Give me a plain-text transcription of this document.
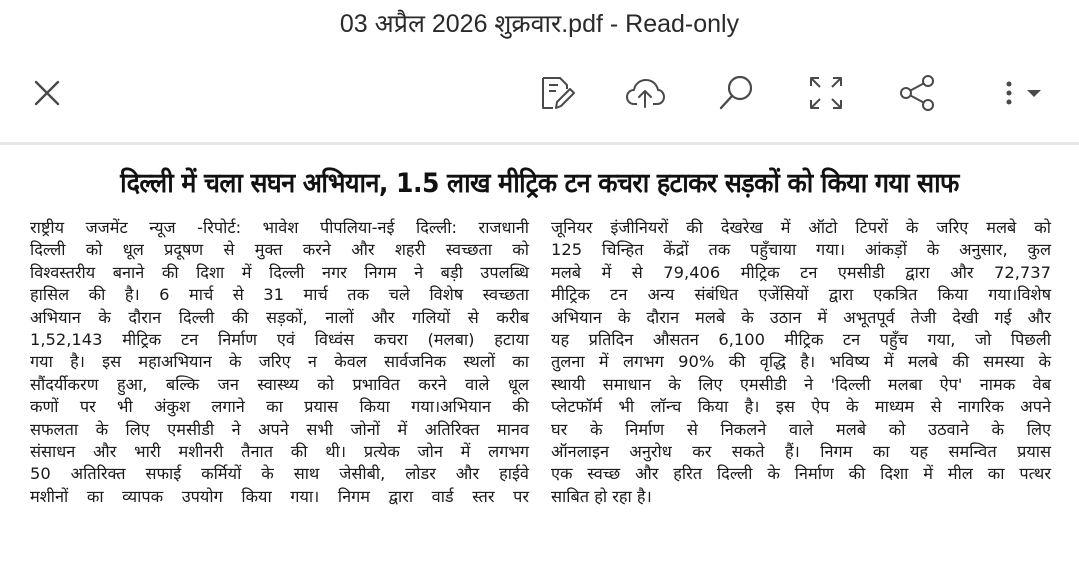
03 अप्रैल 2026 शुक्रवार.pdf - Read-only
दिल्ली में चला सघन अभियान, 1.5 लाख मीट्रिक टन कचरा हटाकर सड़कों को किया गया साफ
राष्ट्रीय जजमेंट न्यूज -रिपोर्ट: भावेश पीपलिया-नई दिल्ली: राजधानी
दिल्ली को धूल प्रदूषण से मुक्त करने और शहरी स्वच्छता को
विश्वस्तरीय बनाने की दिशा में दिल्ली नगर निगम ने बड़ी उपलब्धि
हासिल की है। 6 मार्च से 31 मार्च तक चले विशेष स्वच्छता
अभियान के दौरान दिल्ली की सड़कों, नालों और गलियों से करीब
1,52,143 मीट्रिक टन निर्माण एवं विध्वंस कचरा (मलबा) हटाया
गया है। इस महाअभियान के जरिए न केवल सार्वजनिक स्थलों का
सौंदर्यीकरण हुआ, बल्कि जन स्वास्थ्य को प्रभावित करने वाले धूल
कणों पर भी अंकुश लगाने का प्रयास किया गया।अभियान की
सफलता के लिए एमसीडी ने अपने सभी जोनों में अतिरिक्त मानव
संसाधन और भारी मशीनरी तैनात की थी। प्रत्येक जोन में लगभग
50 अतिरिक्त सफाई कर्मियों के साथ जेसीबी, लोडर और हाईवे
मशीनों का व्यापक उपयोग किया गया। निगम द्वारा वार्ड स्तर पर
जूनियर इंजीनियरों की देखरेख में ऑटो टिपरों के जरिए मलबे को
125 चिन्हित केंद्रों तक पहुँचाया गया। आंकड़ों के अनुसार, कुल
मलबे में से 79,406 मीट्रिक टन एमसीडी द्वारा और 72,737
मीट्रिक टन अन्य संबंधित एजेंसियों द्वारा एकत्रित किया गया।विशेष
अभियान के दौरान मलबे के उठान में अभूतपूर्व तेजी देखी गई और
यह प्रतिदिन औसतन 6,100 मीट्रिक टन पहुँच गया, जो पिछली
तुलना में लगभग 90% की वृद्धि है। भविष्य में मलबे की समस्या के
स्थायी समाधान के लिए एमसीडी ने 'दिल्ली मलबा ऐप' नामक वेब
प्लेटफॉर्म भी लॉन्च किया है। इस ऐप के माध्यम से नागरिक अपने
घर के निर्माण से निकलने वाले मलबे को उठवाने के लिए
ऑनलाइन अनुरोध कर सकते हैं। निगम का यह समन्वित प्रयास
एक स्वच्छ और हरित दिल्ली के निर्माण की दिशा में मील का पत्थर
साबित हो रहा है।
